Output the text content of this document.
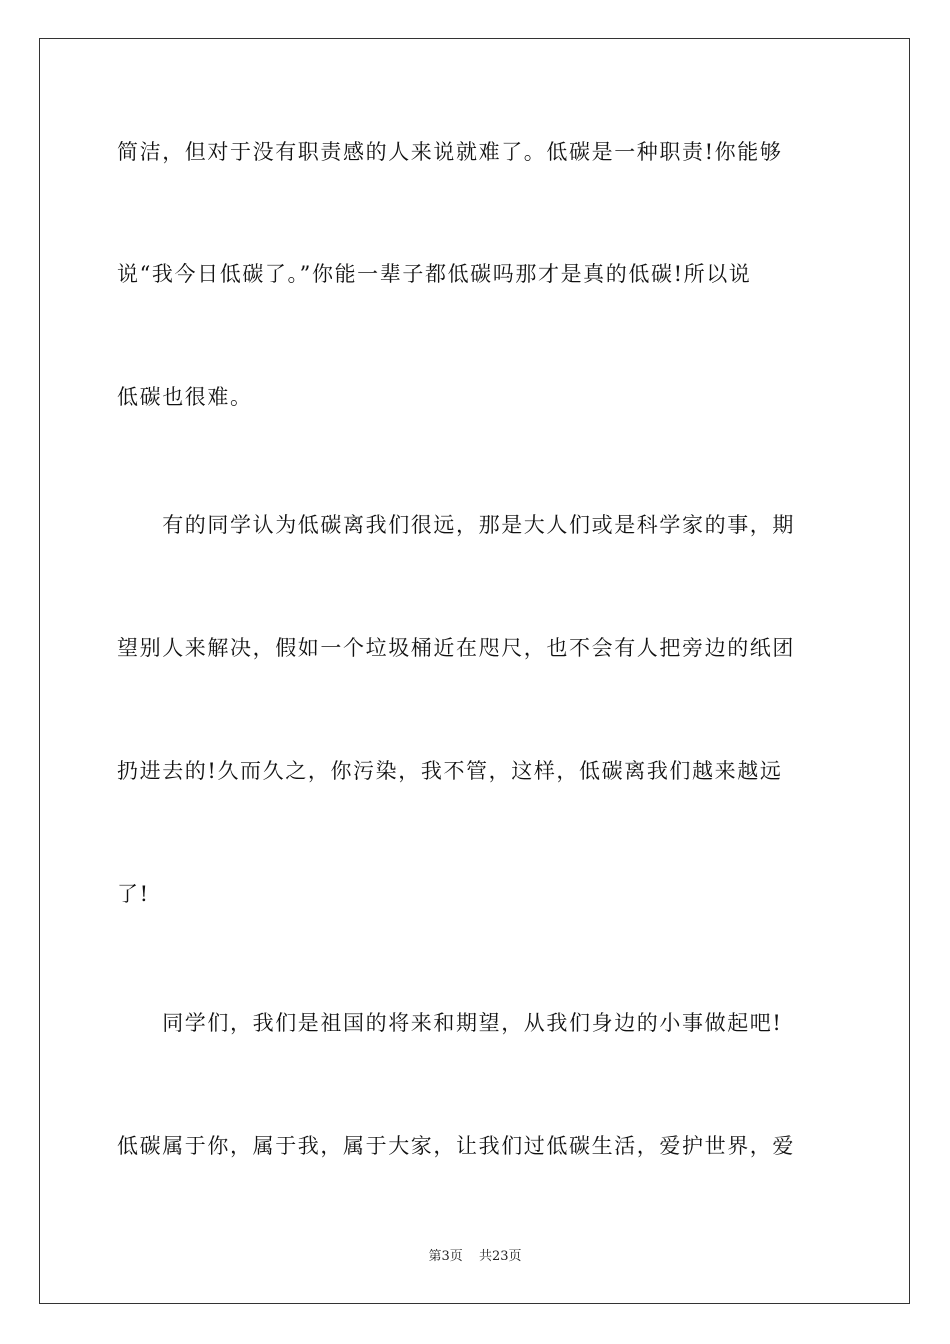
简洁，但对于没有职责感的人来说就难了。低碳是一种职责!你能够
说“我今日低碳了。”你能一辈子都低碳吗那才是真的低碳!所以说
低碳也很难。
　　有的同学认为低碳离我们很远，那是大人们或是科学家的事，期
望别人来解决，假如一个垃圾桶近在咫尺，也不会有人把旁边的纸团
扔进去的!久而久之，你污染，我不管，这样，低碳离我们越来越远
了!
　　同学们，我们是祖国的将来和期望，从我们身边的小事做起吧!
低碳属于你，属于我，属于大家，让我们过低碳生活，爱护世界，爱
第3页 共23页
